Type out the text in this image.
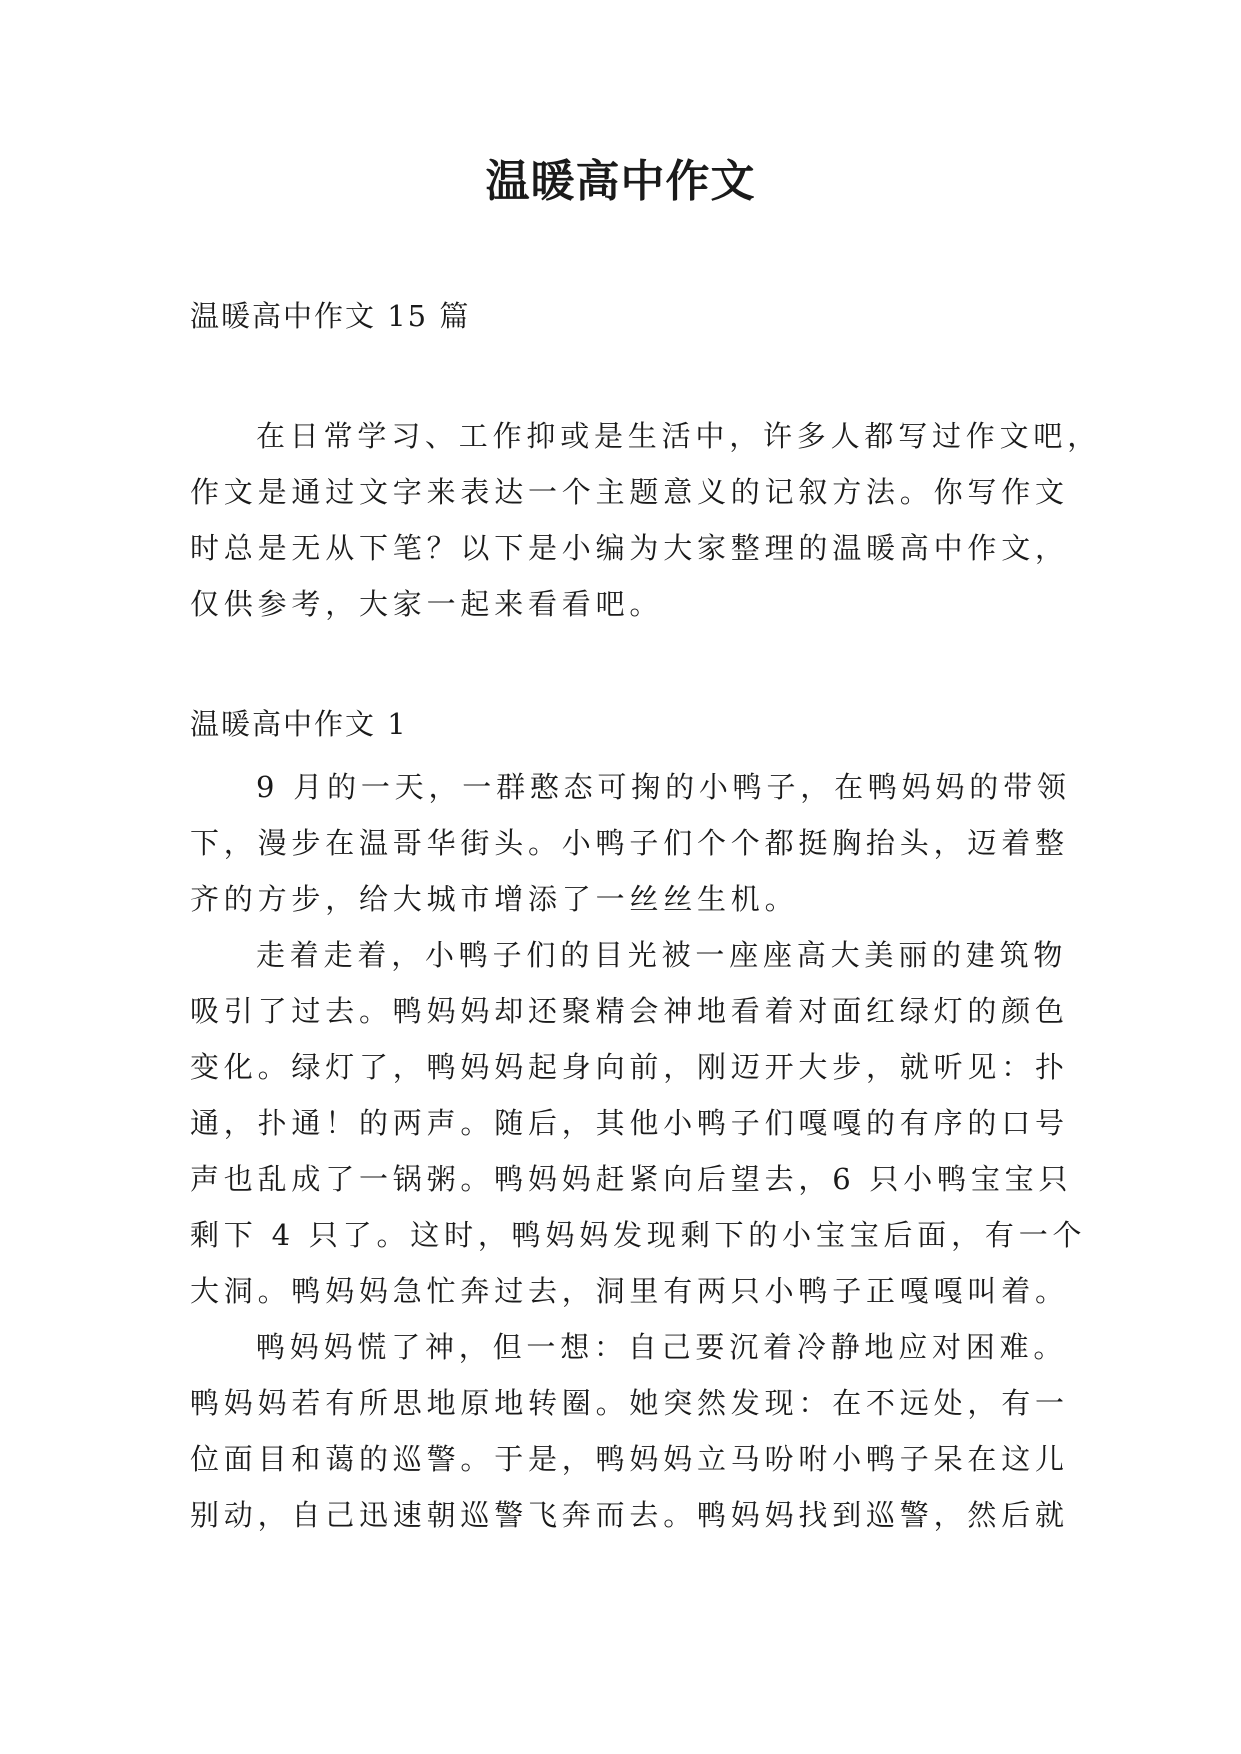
温暖高中作文

温暖高中作文 15 篇

在日常学习、工作抑或是生活中，许多人都写过作文吧，
作文是通过文字来表达一个主题意义的记叙方法。你写作文
时总是无从下笔？以下是小编为大家整理的温暖高中作文，
仅供参考，大家一起来看看吧。

温暖高中作文 1

9 月的一天，一群憨态可掬的小鸭子，在鸭妈妈的带领
下，漫步在温哥华街头。小鸭子们个个都挺胸抬头，迈着整
齐的方步，给大城市增添了一丝丝生机。
走着走着，小鸭子们的目光被一座座高大美丽的建筑物
吸引了过去。鸭妈妈却还聚精会神地看着对面红绿灯的颜色
变化。绿灯了，鸭妈妈起身向前，刚迈开大步，就听见：扑
通，扑通！的两声。随后，其他小鸭子们嘎嘎的有序的口号
声也乱成了一锅粥。鸭妈妈赶紧向后望去，6 只小鸭宝宝只
剩下 4 只了。这时，鸭妈妈发现剩下的小宝宝后面，有一个
大洞。鸭妈妈急忙奔过去，洞里有两只小鸭子正嘎嘎叫着。
鸭妈妈慌了神，但一想：自己要沉着冷静地应对困难。
鸭妈妈若有所思地原地转圈。她突然发现：在不远处，有一
位面目和蔼的巡警。于是，鸭妈妈立马吩咐小鸭子呆在这儿
别动，自己迅速朝巡警飞奔而去。鸭妈妈找到巡警，然后就
